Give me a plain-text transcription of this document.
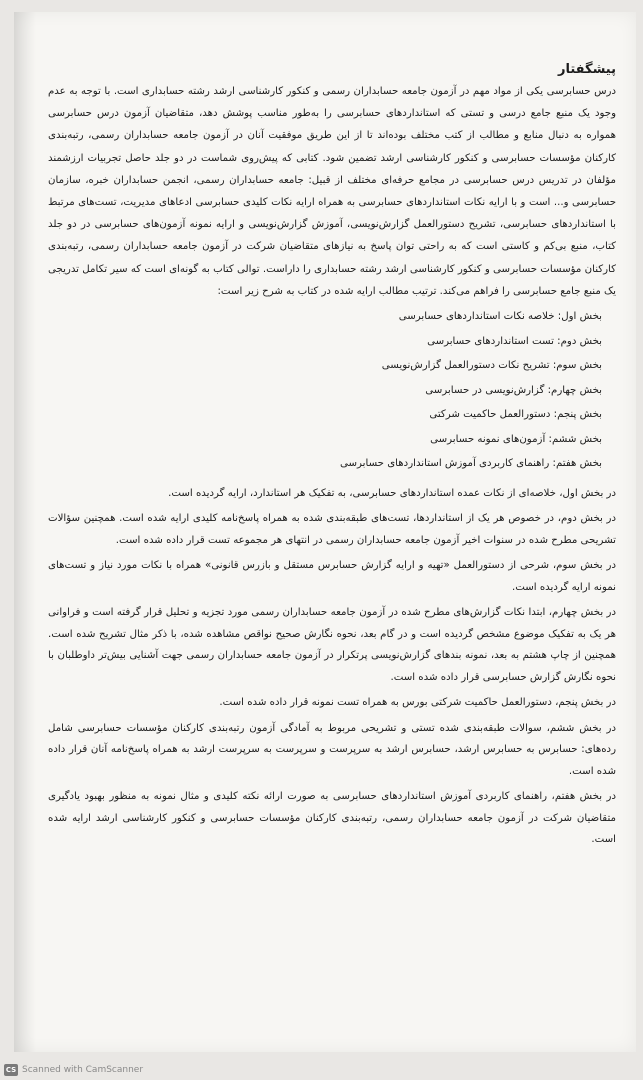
پیشگفتار

درس حسابرسی یکی از مواد مهم در آزمون جامعه حسابداران رسمی و کنکور کارشناسی ارشد رشته حسابداری است. با توجه به عدم وجود یک منبع جامع درسی و تستی که استانداردهای حسابرسی را به‌طور مناسب پوشش دهد، متقاضیان آزمون درس حسابرسی همواره به دنبال منابع و مطالب از کتب مختلف بوده‌اند تا از این طریق موفقیت آنان در آزمون جامعه حسابداران رسمی، رتبه‌بندی کارکنان مؤسسات حسابرسی و کنکور کارشناسی ارشد تضمین شود. کتابی که پیش‌روی شماست در دو جلد حاصل تجربیات ارزشمند مؤلفان در تدریس درس حسابرسی در مجامع حرفه‌ای مختلف از قبیل: جامعه حسابداران رسمی، انجمن حسابداران خبره، سازمان حسابرسی و... است و با ارایه نکات استانداردهای حسابرسی به همراه ارایه نکات کلیدی حسابرسی ادعاهای مدیریت، تست‌های مرتبط با استانداردهای حسابرسی، تشریح دستورالعمل گزارش‌نویسی، آموزش گزارش‌نویسی و ارایه نمونه آزمون‌های حسابرسی در دو جلد کتاب، منبع بی‌کم و کاستی است که به راحتی توان پاسخ به نیازهای متقاضیان شرکت در آزمون جامعه حسابداران رسمی، رتبه‌بندی کارکنان مؤسسات حسابرسی و کنکور کارشناسی ارشد رشته حسابداری را داراست. توالی کتاب به گونه‌ای است که سیر تکامل تدریجی یک منبع جامع حسابرسی را فراهم می‌کند. ترتیب مطالب ارایه شده در کتاب به شرح زیر است:

بخش اول: خلاصه نکات استانداردهای حسابرسی
بخش دوم: تست استانداردهای حسابرسی
بخش سوم: تشریح نکات دستورالعمل گزارش‌نویسی
بخش چهارم: گزارش‌نویسی در حسابرسی
بخش پنجم: دستورالعمل حاکمیت شرکتی
بخش ششم: آزمون‌های نمونه حسابرسی
بخش هفتم: راهنمای کاربردی آموزش استانداردهای حسابرسی

در بخش اول، خلاصه‌ای از نکات عمده استانداردهای حسابرسی، به تفکیک هر استاندارد، ارایه گردیده است.

در بخش دوم، در خصوص هر یک از استانداردها، تست‌های طبقه‌بندی شده به همراه پاسخ‌نامه کلیدی ارایه شده است. همچنین سؤالات تشریحی مطرح شده در سنوات اخیر آزمون جامعه حسابداران رسمی در انتهای هر مجموعه تست قرار داده شده است.

در بخش سوم، شرحی از دستورالعمل «تهیه و ارایه گزارش حسابرس مستقل و بازرس قانونی» همراه با نکات مورد نیاز و تست‌های نمونه ارایه گردیده است.

در بخش چهارم، ابتدا نکات گزارش‌های مطرح شده در آزمون جامعه حسابداران رسمی مورد تجزیه و تحلیل قرار گرفته است و فراوانی هر یک به تفکیک موضوع مشخص گردیده است و در گام بعد، نحوه نگارش صحیح نواقص مشاهده شده، با ذکر مثال تشریح شده است. همچنین از چاپ هشتم به بعد، نمونه بندهای گزارش‌نویسی پرتکرار در آزمون جامعه حسابداران رسمی جهت آشنایی بیش‌تر داوطلبان با نحوه نگارش گزارش حسابرسی قرار داده شده است.

در بخش پنجم، دستورالعمل حاکمیت شرکتی بورس به همراه تست نمونه قرار داده شده است.

در بخش ششم، سوالات طبقه‌بندی شده تستی و تشریحی مربوط به آمادگی آزمون رتبه‌بندی کارکنان مؤسسات حسابرسی شامل رده‌های: حسابرس به حسابرس ارشد، حسابرس ارشد به سرپرست و سرپرست به سرپرست ارشد به همراه پاسخ‌نامه آنان قرار داده شده است.

در بخش هفتم، راهنمای کاربردی آموزش استانداردهای حسابرسی به صورت ارائه نکته کلیدی و مثال نمونه به منظور بهبود یادگیری متقاضیان شرکت در آزمون جامعه حسابداران رسمی، رتبه‌بندی کارکنان مؤسسات حسابرسی و کنکور کارشناسی ارشد ارایه شده است.

CS Scanned with CamScanner
